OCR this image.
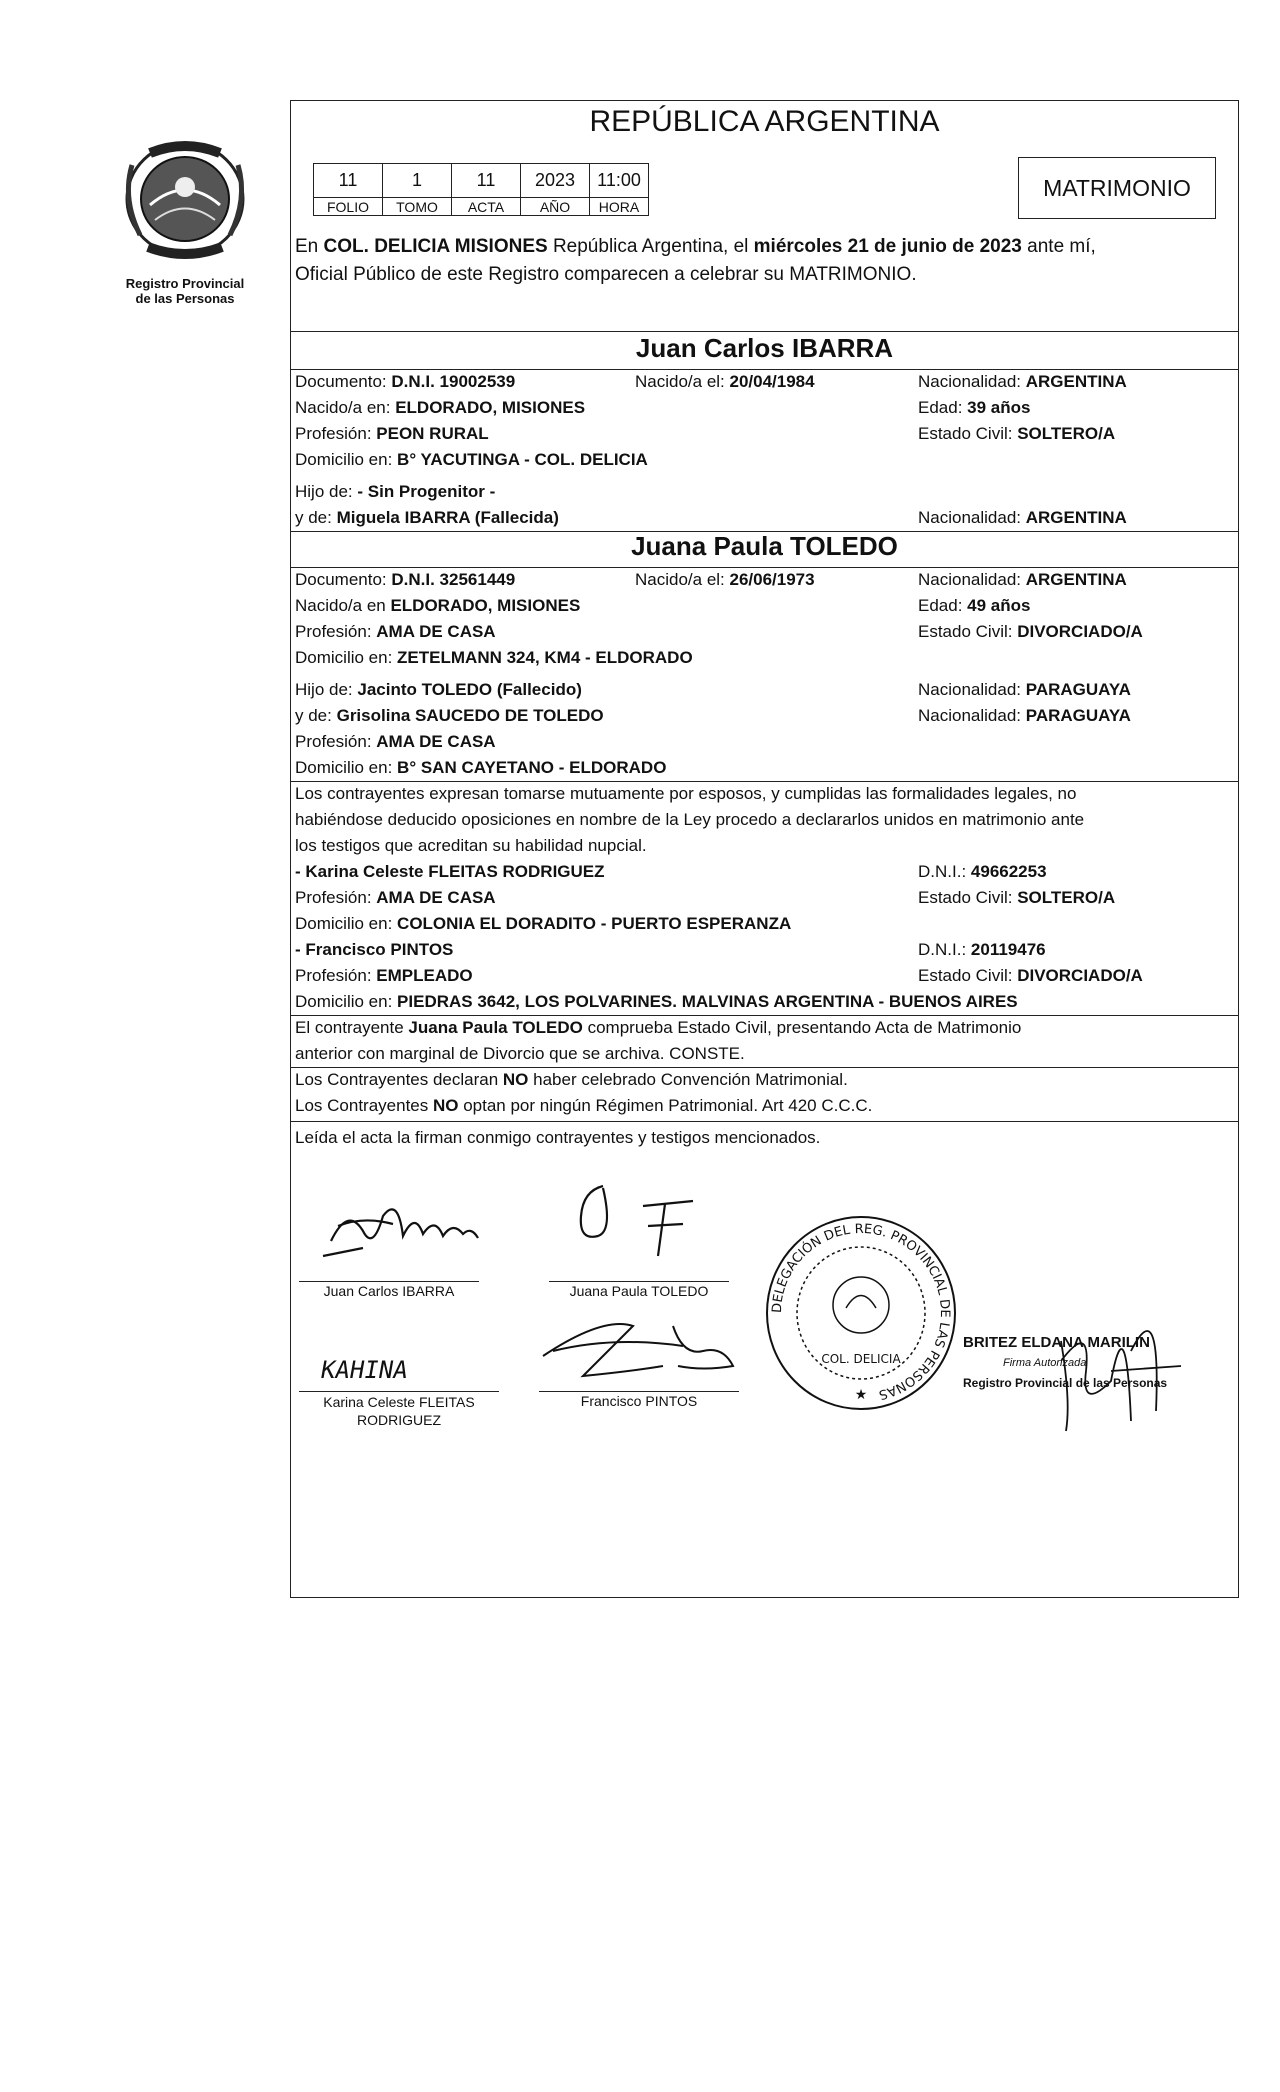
Registro Provincial
de las Personas
REPÚBLICA ARGENTINA
11	1	11	2023	11:00
FOLIO	TOMO	ACTA	AÑO	HORA
MATRIMONIO
En COL. DELICIA MISIONES República Argentina, el miércoles 21 de junio de 2023 ante mí,
Oficial Público de este Registro comparecen a celebrar su MATRIMONIO.
Juan Carlos IBARRA
Documento: D.N.I. 19002539	Nacido/a el: 20/04/1984	Nacionalidad: ARGENTINA
Nacido/a en: ELDORADO, MISIONES	Edad: 39 años
Profesión: PEON RURAL	Estado Civil: SOLTERO/A
Domicilio en: B° YACUTINGA - COL. DELICIA
Hijo de: - Sin Progenitor -
y de: Miguela IBARRA (Fallecida)	Nacionalidad: ARGENTINA
Juana Paula TOLEDO
Documento: D.N.I. 32561449	Nacido/a el: 26/06/1973	Nacionalidad: ARGENTINA
Nacido/a en ELDORADO, MISIONES	Edad: 49 años
Profesión: AMA DE CASA	Estado Civil: DIVORCIADO/A
Domicilio en: ZETELMANN 324, KM4 - ELDORADO
Hijo de: Jacinto TOLEDO (Fallecido)	Nacionalidad: PARAGUAYA
y de: Grisolina SAUCEDO DE TOLEDO	Nacionalidad: PARAGUAYA
Profesión: AMA DE CASA
Domicilio en: B° SAN CAYETANO - ELDORADO
Los contrayentes expresan tomarse mutuamente por esposos, y cumplidas las formalidades legales, no
habiéndose deducido oposiciones en nombre de la Ley procedo a declararlos unidos en matrimonio ante
los testigos que acreditan su habilidad nupcial.
- Karina Celeste FLEITAS RODRIGUEZ	D.N.I.: 49662253
Profesión: AMA DE CASA	Estado Civil: SOLTERO/A
Domicilio en: COLONIA EL DORADITO - PUERTO ESPERANZA
- Francisco PINTOS	D.N.I.: 20119476
Profesión: EMPLEADO	Estado Civil: DIVORCIADO/A
Domicilio en: PIEDRAS 3642, LOS POLVARINES. MALVINAS ARGENTINA - BUENOS AIRES
El contrayente Juana Paula TOLEDO comprueba Estado Civil, presentando Acta de Matrimonio
anterior con marginal de Divorcio que se archiva. CONSTE.
Los Contrayentes declaran NO haber celebrado Convención Matrimonial.
Los Contrayentes NO optan por ningún Régimen Patrimonial. Art 420 C.C.C.
Leída el acta la firman conmigo contrayentes y testigos mencionados.
KAHINA
Juan Carlos IBARRA	Juana Paula TOLEDO
Karina Celeste FLEITAS
RODRIGUEZ
Francisco PINTOS
DELEGACIÓN DEL REG. PROVINCIAL DE LAS PERSONAS
COL. DELICIA
★
BRITEZ ELDANA MARILIN
Firma Autorizada
Registro Provincial de las Personas
